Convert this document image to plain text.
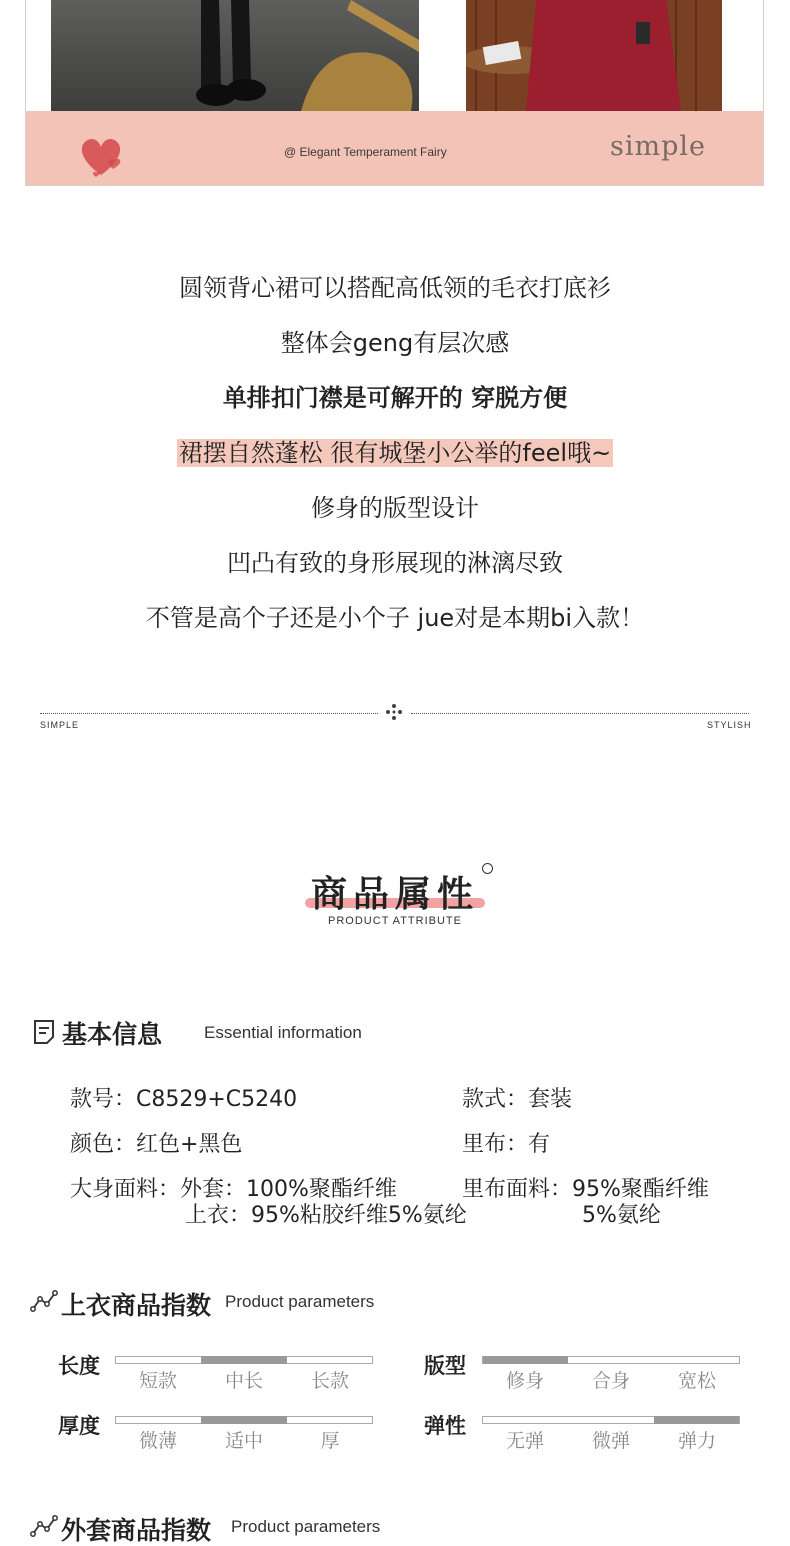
@ Elegant Temperament Fairy	simple
圆领背心裙可以搭配高低领的毛衣打底衫
整体会geng有层次感
单排扣门襟是可解开的 穿脱方便
裙摆自然蓬松 很有城堡小公举的feel哦~
修身的版型设计
凹凸有致的身形展现的淋漓尽致
不管是高个子还是小个子 jue对是本期bi入款！
SIMPLE	STYLISH
商品属性
PRODUCT ATTRIBUTE
基本信息 Essential information
款号：C8529+C5240	款式：套装
颜色：红色+黑色	里布：有
大身面料：外套：100%聚酯纤维
上衣：95%粘胶纤维5%氨纶
里布面料：95%聚酯纤维
5%氨纶
上衣商品指数 Product parameters
长度
短款	中长	长款
版型
修身	合身	宽松
厚度
微薄	适中	厚
弹性
无弹	微弹	弹力
外套商品指数 Product parameters
